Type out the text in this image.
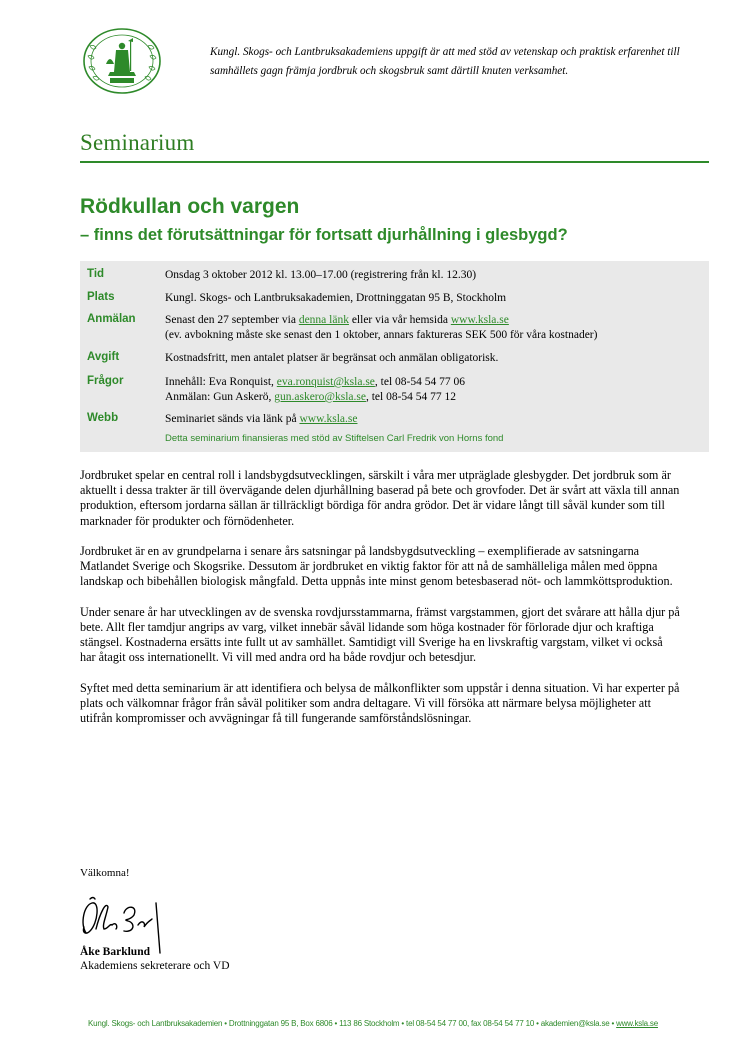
Kungl. Skogs- och Lantbruksakademiens uppgift är att med stöd av vetenskap och praktisk erfarenhet till samhällets gagn främja jordbruk och skogsbruk samt därtill knuten verksamhet.
Seminarium
Rödkullan och vargen
– finns det förutsättningar för fortsatt djurhållning i glesbygd?
Tid	Onsdag 3 oktober 2012 kl. 13.00–17.00 (registrering från kl. 12.30)
Plats	Kungl. Skogs- och Lantbruksakademien, Drottninggatan 95 B, Stockholm
Anmälan	Senast den 27 september via denna länk eller via vår hemsida www.ksla.se
(ev. avbokning måste ske senast den 1 oktober, annars faktureras SEK 500 för våra kostnader)
Avgift	Kostnadsfritt, men antalet platser är begränsat och anmälan obligatorisk.
Frågor	Innehåll: Eva Ronquist, eva.ronquist@ksla.se, tel 08-54 54 77 06
Anmälan: Gun Askerö, gun.askero@ksla.se, tel 08-54 54 77 12
Webb	Seminariet sänds via länk på www.ksla.se
Detta seminarium finansieras med stöd av Stiftelsen Carl Fredrik von Horns fond

Jordbruket spelar en central roll i landsbygdsutvecklingen, särskilt i våra mer utpräglade glesbygder. Det jordbruk som är aktuellt i dessa trakter är till övervägande delen djurhållning baserad på bete och grovfoder. Det är svårt att växla till annan produktion, eftersom jordarna sällan är tillräckligt bördiga för andra grödor. Det är vidare långt till såväl kunder som till marknader för produkter och förnödenheter.

Jordbruket är en av grundpelarna i senare års satsningar på landsbygdsutveckling – exemplifierade av satsningarna Matlandet Sverige och Skogsrike. Dessutom är jordbruket en viktig faktor för att nå de samhälleliga målen med öppna landskap och bibehållen biologisk mångfald. Detta uppnås inte minst genom betesbaserad nöt- och lammköttsproduktion.

Under senare år har utvecklingen av de svenska rovdjursstammarna, främst vargstammen, gjort det svårare att hålla djur på bete. Allt fler tamdjur angrips av varg, vilket innebär såväl lidande som höga kostnader för förlorade djur och kraftiga stängsel. Kostnaderna ersätts inte fullt ut av samhället. Samtidigt vill Sverige ha en livskraftig vargstam, vilket vi också har åtagit oss internationellt. Vi vill med andra ord ha både rovdjur och betesdjur.

Syftet med detta seminarium är att identifiera och belysa de målkonflikter som uppstår i denna situation. Vi har experter på plats och välkomnar frågor från såväl politiker som andra deltagare. Vi vill försöka att närmare belysa möjligheter att utifrån kompromisser och avvägningar få till fungerande samförståndslösningar.

Välkomna!
Åke Barklund
Akademiens sekreterare och VD
Kungl. Skogs- och Lantbruksakademien • Drottninggatan 95 B, Box 6806 • 113 86 Stockholm • tel 08-54 54 77 00, fax 08-54 54 77 10 • akademien@ksla.se • www.ksla.se
